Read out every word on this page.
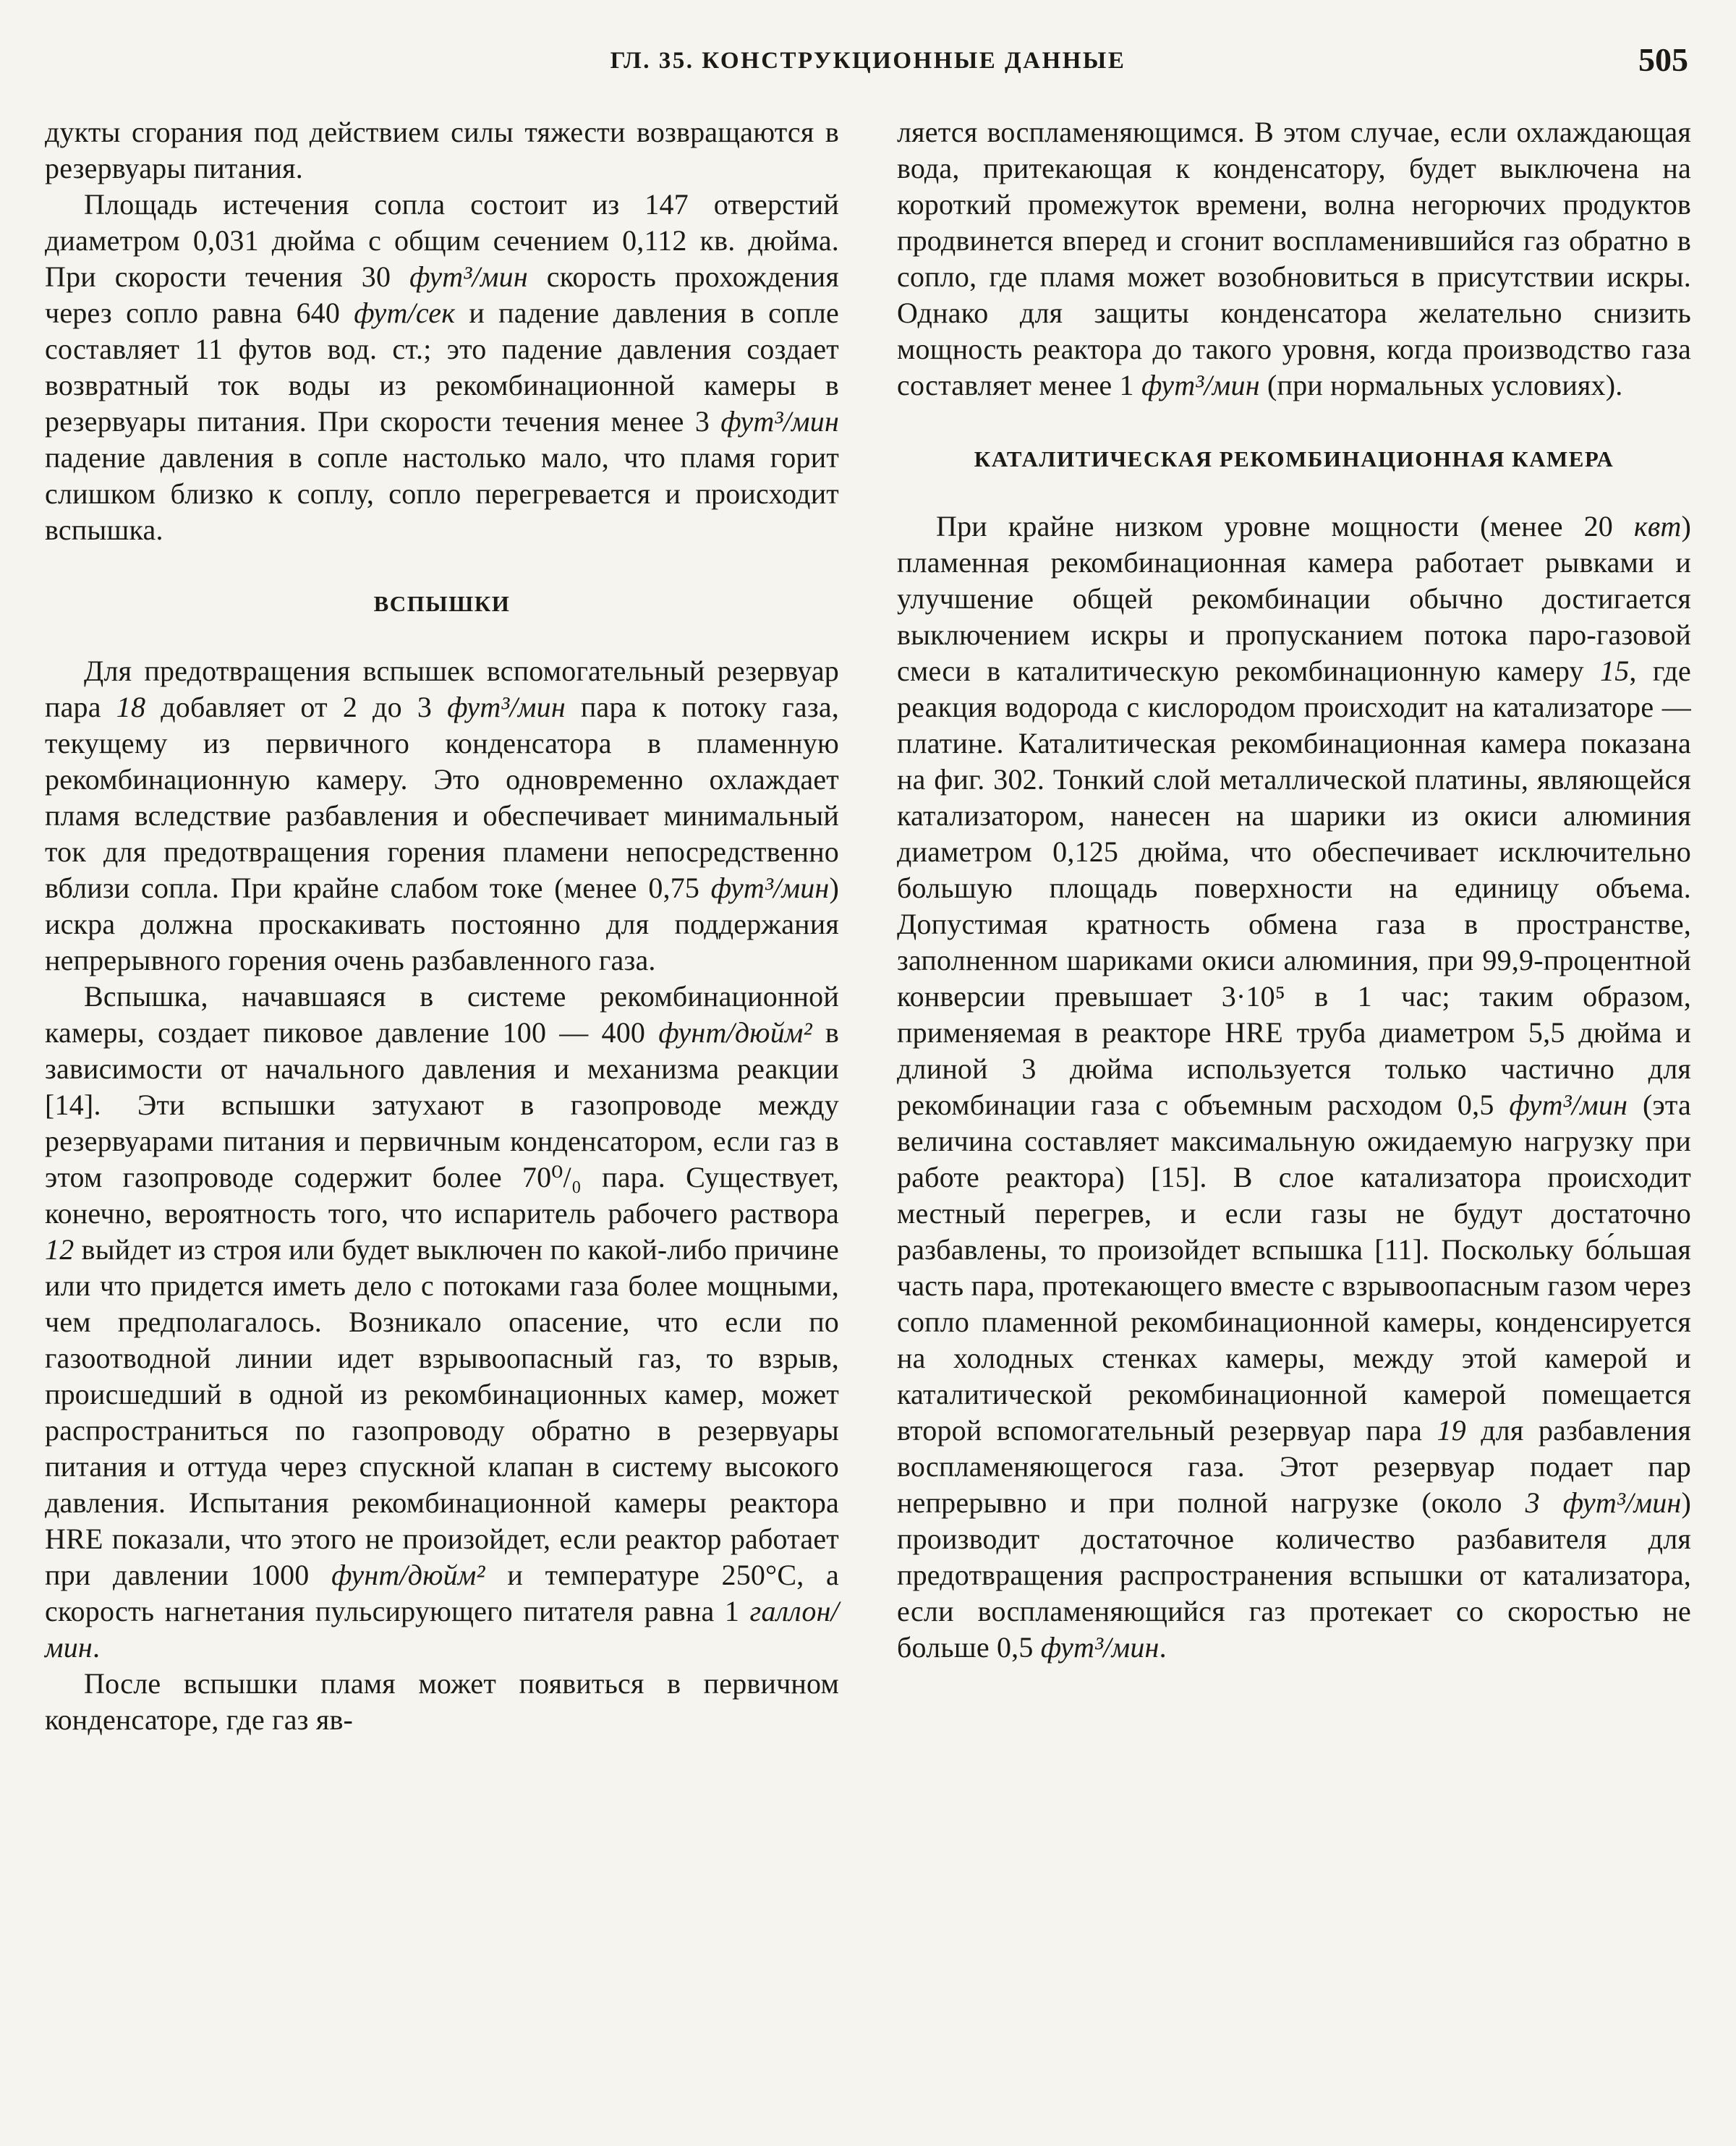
ГЛ. 35. КОНСТРУКЦИОННЫЕ ДАННЫЕ	505

дукты сгорания под действием силы тяжести возвращаются в резервуары питания.

Площадь истечения сопла состоит из 147 отверстий диаметром 0,031 дюйма с общим сечением 0,112 кв. дюйма. При скорости течения 30 фут³/мин скорость прохождения через сопло равна 640 фут/сек и падение давления в сопле составляет 11 футов вод. ст.; это падение давления создает возвратный ток воды из рекомбинационной камеры в резервуары питания. При скорости течения менее 3 фут³/мин падение давления в сопле настолько мало, что пламя горит слишком близко к соплу, сопло перегревается и происходит вспышка.

ВСПЫШКИ

Для предотвращения вспышек вспомогательный резервуар пара 18 добавляет от 2 до 3 фут³/мин пара к потоку газа, текущему из первичного конденсатора в пламенную рекомбинационную камеру. Это одновременно охлаждает пламя вследствие разбавления и обеспечивает минимальный ток для предотвращения горения пламени непосредственно вблизи сопла. При крайне слабом токе (менее 0,75 фут³/мин) искра должна проскакивать постоянно для поддержания непрерывного горения очень разбавленного газа.

Вспышка, начавшаяся в системе рекомбинационной камеры, создает пиковое давление 100 — 400 фунт/дюйм² в зависимости от начального давления и механизма реакции [14]. Эти вспышки затухают в газопроводе между резервуарами питания и первичным конденсатором, если газ в этом газопроводе содержит более 70⁰/₀ пара. Существует, конечно, вероятность того, что испаритель рабочего раствора 12 выйдет из строя или будет выключен по какой-либо причине или что придется иметь дело с потоками газа более мощными, чем предполагалось. Возникало опасение, что если по газоотводной линии идет взрывоопасный газ, то взрыв, происшедший в одной из рекомбинационных камер, может распространиться по газопроводу обратно в резервуары питания и оттуда через спускной клапан в систему высокого давления. Испытания рекомбинационной камеры реактора HRE показали, что этого не произойдет, если реактор работает при давлении 1000 фунт/дюйм² и температуре 250°С, а скорость нагнетания пульсирующего питателя равна 1 галлон/мин.

После вспышки пламя может появиться в первичном конденсаторе, где газ яв-

ляется воспламеняющимся. В этом случае, если охлаждающая вода, притекающая к конденсатору, будет выключена на короткий промежуток времени, волна негорючих продуктов продвинется вперед и сгонит воспламенившийся газ обратно в сопло, где пламя может возобновиться в присутствии искры. Однако для защиты конденсатора желательно снизить мощность реактора до такого уровня, когда производство газа составляет менее 1 фут³/мин (при нормальных условиях).

КАТАЛИТИЧЕСКАЯ РЕКОМБИНАЦИОННАЯ КАМЕРА

При крайне низком уровне мощности (менее 20 квт) пламенная рекомбинационная камера работает рывками и улучшение общей рекомбинации обычно достигается выключением искры и пропусканием потока паро-газовой смеси в каталитическую рекомбинационную камеру 15, где реакция водорода с кислородом происходит на катализаторе — платине. Каталитическая рекомбинационная камера показана на фиг. 302. Тонкий слой металлической платины, являющейся катализатором, нанесен на шарики из окиси алюминия диаметром 0,125 дюйма, что обеспечивает исключительно большую площадь поверхности на единицу объема. Допустимая кратность обмена газа в пространстве, заполненном шариками окиси алюминия, при 99,9-процентной конверсии превышает 3·10⁵ в 1 час; таким образом, применяемая в реакторе HRE труба диаметром 5,5 дюйма и длиной 3 дюйма используется только частично для рекомбинации газа с объемным расходом 0,5 фут³/мин (эта величина составляет максимальную ожидаемую нагрузку при работе реактора) [15]. В слое катализатора происходит местный перегрев, и если газы не будут достаточно разбавлены, то произойдет вспышка [11]. Поскольку бо́льшая часть пара, протекающего вместе с взрывоопасным газом через сопло пламенной рекомбинационной камеры, конденсируется на холодных стенках камеры, между этой камерой и каталитической рекомбинационной камерой помещается второй вспомогательный резервуар пара 19 для разбавления воспламеняющегося газа. Этот резервуар подает пар непрерывно и при полной нагрузке (около 3 фут³/мин) производит достаточное количество разбавителя для предотвращения распространения вспышки от катализатора, если воспламеняющийся газ протекает со скоростью не больше 0,5 фут³/мин.
